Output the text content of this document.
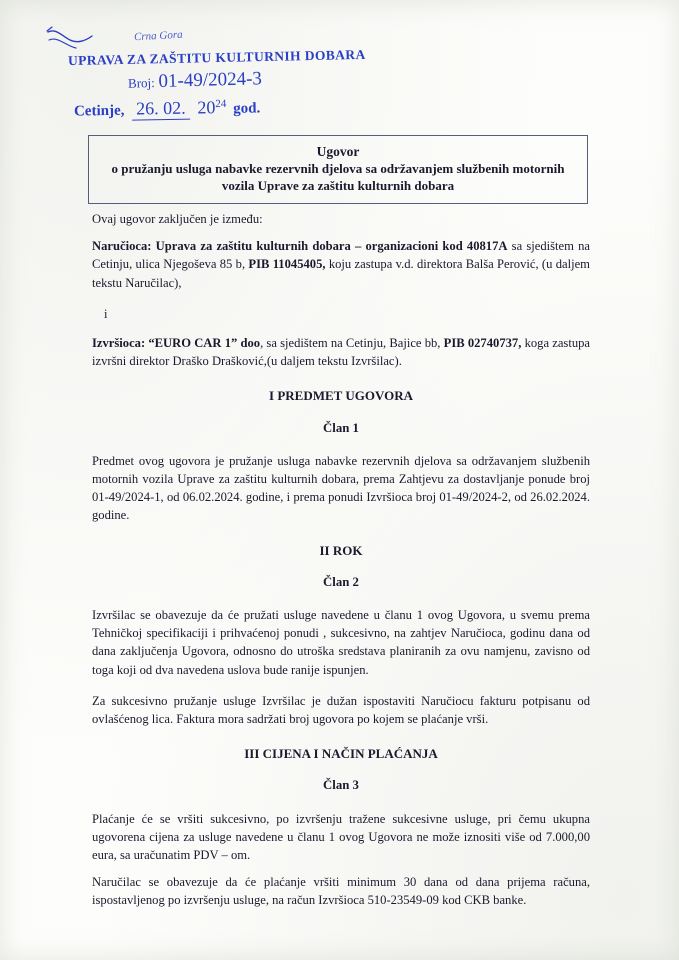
Crna Gora
UPRAVA ZA ZAŠTITU KULTURNIH DOBARA
Broj: 01-49/2024-3
Cetinje, 26. 02. $20^{24}$ god.
Ugovor
o pružanju usluga nabavke rezervnih djelova sa održavanjem službenih motornih vozila Uprave za zaštitu kulturnih dobara

Ovaj ugovor zaključen je između:

Naručioca: Uprava za zaštitu kulturnih dobara – organizacioni kod 40817A sa sjedištem na Cetinju, ulica Njegoševa 85 b, PIB 11045405, koju zastupa v.d. direktora Balša Perović, (u daljem tekstu Naručilac),

i

Izvršioca: “EURO CAR 1” doo, sa sjedištem na Cetinju, Bajice bb, PIB 02740737, koga zastupa izvršni direktor Draško Drašković,(u daljem tekstu Izvršilac).

I PREDMET UGOVORA
Član 1

Predmet ovog ugovora je pružanje usluga nabavke rezervnih djelova sa održavanjem službenih motornih vozila Uprave za zaštitu kulturnih dobara, prema Zahtjevu za dostavljanje ponude broj 01-49/2024-1, od 06.02.2024. godine, i prema ponudi Izvršioca broj 01-49/2024-2, od 26.02.2024. godine.

II ROK
Član 2

Izvršilac se obavezuje da će pružati usluge navedene u članu 1 ovog Ugovora, u svemu prema Tehničkoj specifikaciji i prihvaćenoj ponudi , sukcesivno, na zahtjev Naručioca, godinu dana od dana zaključenja Ugovora, odnosno do utroška sredstava planiranih za ovu namjenu, zavisno od toga koji od dva navedena uslova bude ranije ispunjen.

Za sukcesivno pružanje usluge Izvršilac je dužan ispostaviti Naručiocu fakturu potpisanu od ovlašćenog lica. Faktura mora sadržati broj ugovora po kojem se plaćanje vrši.

III CIJENA I NAČIN PLAĆANJA
Član 3

Plaćanje će se vršiti sukcesivno, po izvršenju tražene sukcesivne usluge, pri čemu ukupna ugovorena cijena za usluge navedene u članu 1 ovog Ugovora ne može iznositi više od 7.000,00 eura, sa uračunatim PDV – om.

Naručilac se obavezuje da će plaćanje vršiti minimum 30 dana od dana prijema računa, ispostavljenog po izvršenju usluge, na račun Izvršioca 510-23549-09 kod CKB banke.
